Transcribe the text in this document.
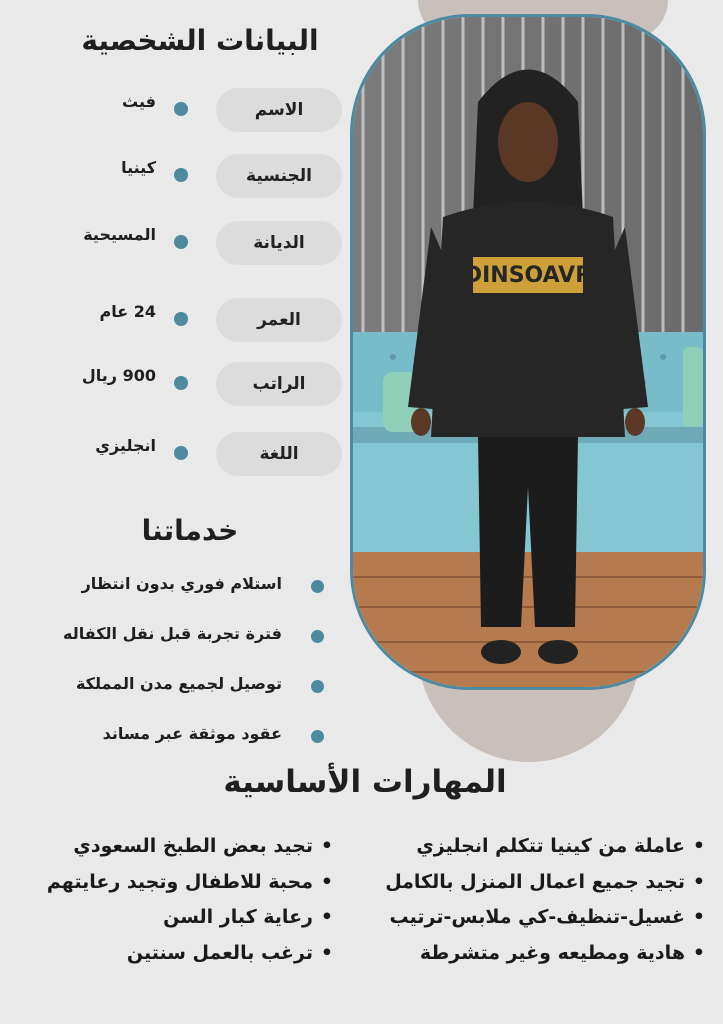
DINSOAVR
البيانات الشخصية
الاسم
فيث
الجنسية
كينيا
الديانة
المسيحية
العمر
24 عام
الراتب
900 ريال
اللغة
انجليزي
خدماتنا
استلام فوري بدون انتظار
فترة تجربة قبل نقل الكفاله
توصيل لجميع مدن المملكة
عقود موثقة عبر مساند
المهارات الأساسية
•عاملة من كينيا تتكلم انجليزي
•تجيد جميع اعمال المنزل بالكامل
•غسيل-تنظيف-كي ملابس-ترتيب
•هادية ومطيعه وغير متشرطة
•تجيد بعض الطبخ السعودي
•محبة للاطفال وتجيد رعايتهم
•رعاية كبار السن
•ترغب بالعمل سنتين
